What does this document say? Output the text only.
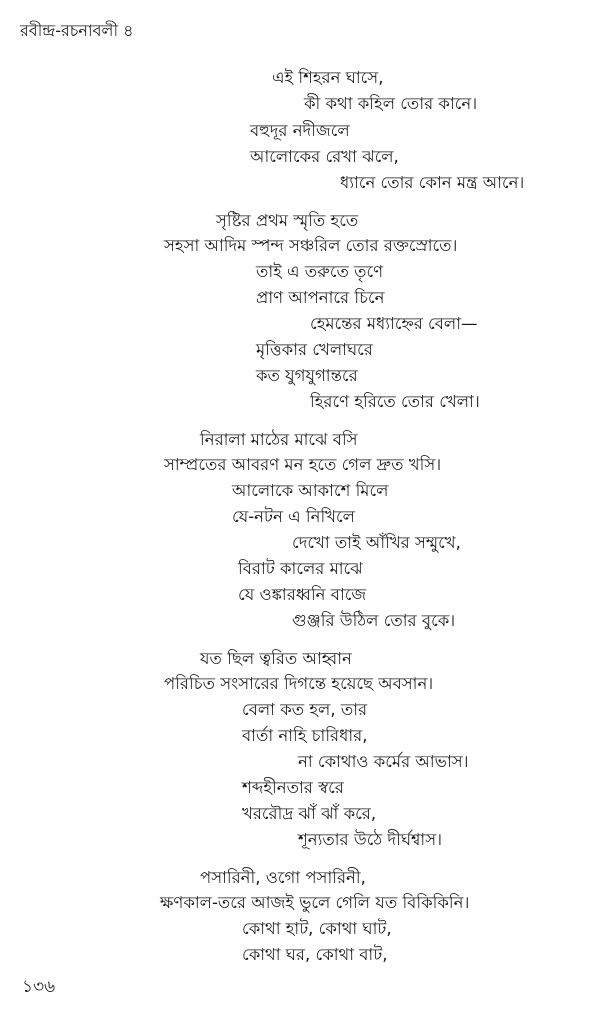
রবীন্দ্র-রচনাবলী ৪
এই শিহরন ঘাসে,
কী কথা কহিল তোর কানে।
বহুদূর নদীজলে
আলোকের রেখা ঝলে,
ধ্যানে তোর কোন মন্ত্র আনে।
সৃষ্টির প্রথম স্মৃতি হতে
সহসা আদিম স্পন্দ সঞ্চরিল তোর রক্তস্রোতে।
তাই এ তরুতে তৃণে
প্রাণ আপনারে চিনে
হেমন্তের মধ্যাহ্নের বেলা—
মৃত্তিকার খেলাঘরে
কত যুগযুগান্তরে
হিরণে হরিতে তোর খেলা।
নিরালা মাঠের মাঝে বসি
সাম্প্রতের আবরণ মন হতে গেল দ্রুত খসি।
আলোকে আকাশে মিলে
যে-নটন এ নিখিলে
দেখো তাই আঁখির সম্মুখে,
বিরাট কালের মাঝে
যে ওঙ্কারধ্বনি বাজে
গুঞ্জরি উঠিল তোর বুকে।
যত ছিল ত্বরিত আহ্বান
পরিচিত সংসারের দিগন্তে হয়েছে অবসান।
বেলা কত হল, তার
বার্তা নাহি চারিধার,
না কোথাও কর্মের আভাস।
শব্দহীনতার স্বরে
খররৌদ্র ঝাঁ ঝাঁ করে,
শূন্যতার উঠে দীর্ঘশ্বাস।
পসারিনী, ওগো পসারিনী,
ক্ষণকাল-তরে আজই ভুলে গেলি যত বিকিকিনি।
কোথা হাট, কোথা ঘাট,
কোথা ঘর, কোথা বাট,
১৩৬
